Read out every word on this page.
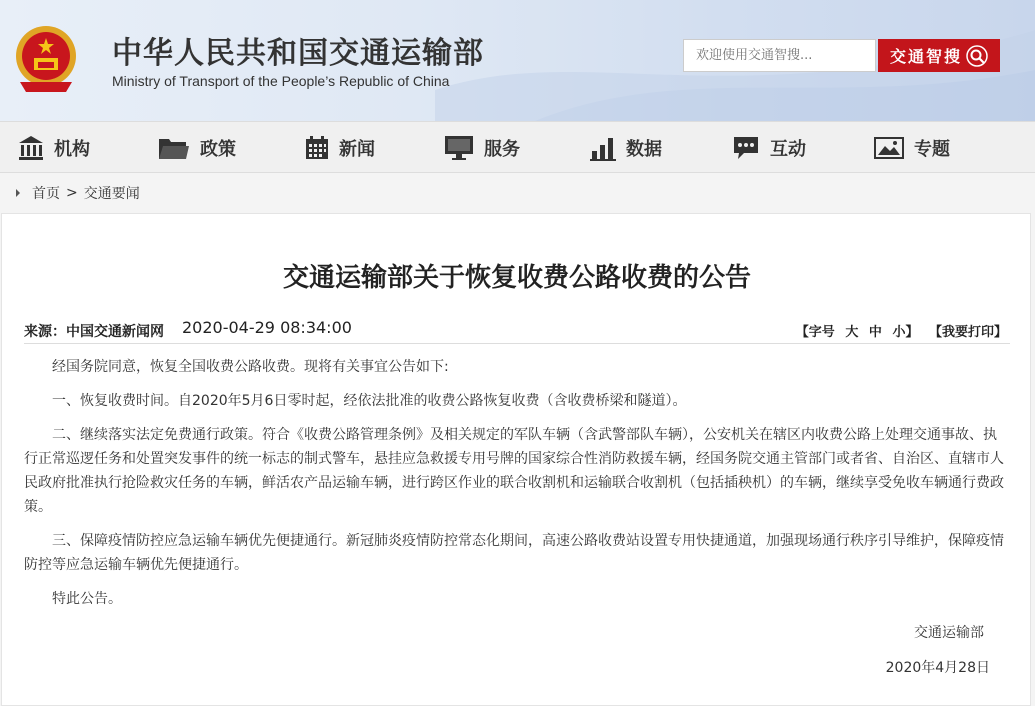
中华人民共和国交通运输部
Ministry of Transport of the People’s Republic of China
欢迎使用交通智搜...
交通智搜
机构	政策	新闻	服务	数据	互动	专题
首页 > 交通要闻
交通运输部关于恢复收费公路收费的公告
来源：中国交通新闻网 2020-04-29 08:34:00	【字号 大 中 小】 【我要打印】

经国务院同意，恢复全国收费公路收费。现将有关事宜公告如下:

一、恢复收费时间。自2020年5月6日零时起，经依法批准的收费公路恢复收费（含收费桥梁和隧道）。

二、继续落实法定免费通行政策。符合《收费公路管理条例》及相关规定的军队车辆（含武警部队车辆），公安机关在辖区内收费公路上处理交通事故、执行正常巡逻任务和处置突发事件的统一标志的制式警车，悬挂应急救援专用号牌的国家综合性消防救援车辆，经国务院交通主管部门或者省、自治区、直辖市人民政府批准执行抢险救灾任务的车辆，鲜活农产品运输车辆，进行跨区作业的联合收割机和运输联合收割机（包括插秧机）的车辆，继续享受免收车辆通行费政策。

三、保障疫情防控应急运输车辆优先便捷通行。新冠肺炎疫情防控常态化期间，高速公路收费站设置专用快捷通道，加强现场通行秩序引导维护，保障疫情防控等应急运输车辆优先便捷通行。

特此公告。

交通运输部
2020年4月28日
